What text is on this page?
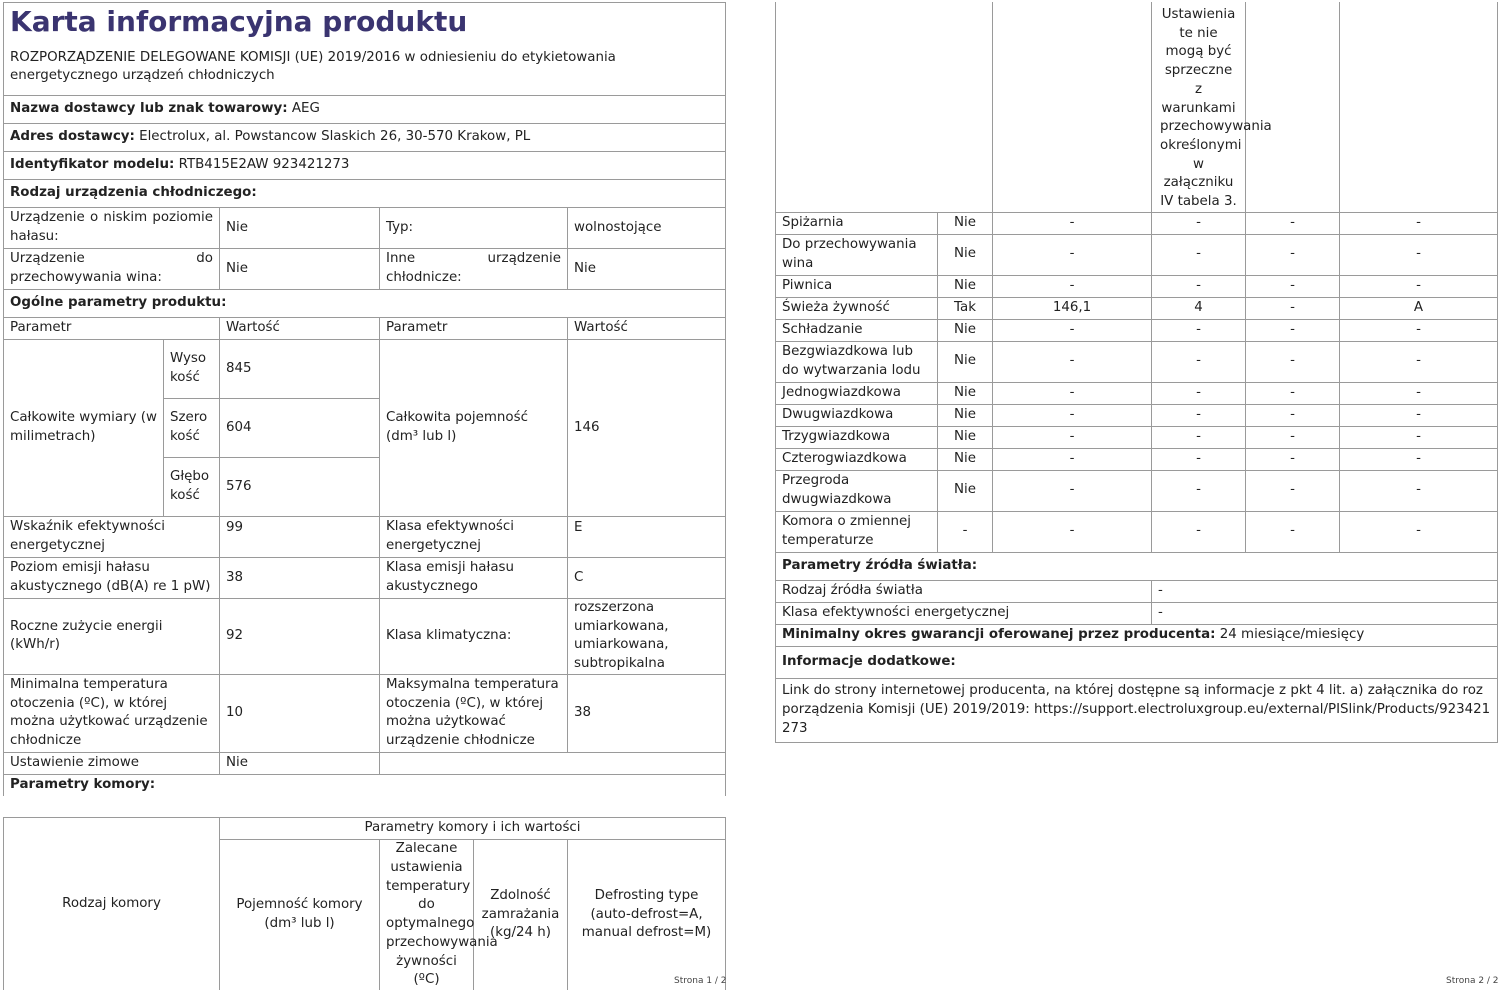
Karta informacyjna produktu				
ROZPORZĄDZENIE DELEGOWANE KOMISJI (UE) 2019/2016 w odniesieniu do etykietowania energetycznego urządzeń chłodniczych				
Nazwa dostawcy lub znak towarowy: AEG				
Adres dostawcy: Electrolux, al. Powstancow Slaskich 26, 30-570 Krakow, PL				
Identyfikator modelu: RTB415E2AW 923421273				
Rodzaj urządzenia chłodniczego:				
Urządzenie o niskim poziomie hałasu:		Nie	Typ:	wolnostojące
Urządzenie do przechowywania wina:		Nie	Inne urządzenie chłodnicze:	Nie
Ogólne parametry produktu:				
Parametr		Wartość	Parametr	Wartość
Całkowite wymiary (w milimetrach)	Wysokość	845	Całkowita pojemność (dm³ lub l)	146
	Szerokość	604		
	Głębokość	576		
Wskaźnik efektywności energetycznej		99	Klasa efektywności energetycznej	E
Poziom emisji hałasu akustycznego (dB(A) re 1 pW)		38	Klasa emisji hałasu akustycznego	C
Roczne zużycie energii (kWh/r)		92	Klasa klimatyczna:	rozszerzona umiarkowana, umiarkowana, subtropikalna
Minimalna temperatura otoczenia (ºC), w której można użytkować urządzenie chłodnicze		10	Maksymalna temperatura otoczenia (ºC), w której można użytkować urządzenie chłodnicze	38
Ustawienie zimowe		Nie		
Parametry komory:				

Rodzaj komory	Parametry komory i ich wartości			
	Pojemność komory (dm³ lub l)	Zalecane ustawienia temperatury do optymalnego przechowywania żywności (ºC)	Zdolność zamrażania (kg/24 h)	Defrosting type (auto-defrost=A, manual defrost=M)
Strona 1 / 2
			Ustawienia te nie mogą być sprzeczne z warunkami przechowywania określonymi w załączniku IV tabela 3.		
Spiżarnia	Nie	-	-	-	-
Do przechowywania wina	Nie	-	-	-	-
Piwnica	Nie	-	-	-	-
Świeża żywność	Tak	146,1	4	-	A
Schładzanie	Nie	-	-	-	-
Bezgwiazdkowa lub do wytwarzania lodu	Nie	-	-	-	-
Jednogwiazdkowa	Nie	-	-	-	-
Dwugwiazdkowa	Nie	-	-	-	-
Trzygwiazdkowa	Nie	-	-	-	-
Czterogwiazdkowa	Nie	-	-	-	-
Przegroda dwugwiazdkowa	Nie	-	-	-	-
Komora o zmiennej temperaturze	-	-	-	-	-
Parametry źródła światła:	
Rodzaj źródła światła	-
Klasa efektywności energetycznej	-
Minimalny okres gwarancji oferowanej przez producenta: 24 miesiące/miesięcy	
Informacje dodatkowe:	
Link do strony internetowej producenta, na której dostępne są informacje z pkt 4 lit. a) załącznika do rozporządzenia Komisji (UE) 2019/2019: https://support.electroluxgroup.eu/external/PISlink/Products/923421273	
Strona 2 / 2
